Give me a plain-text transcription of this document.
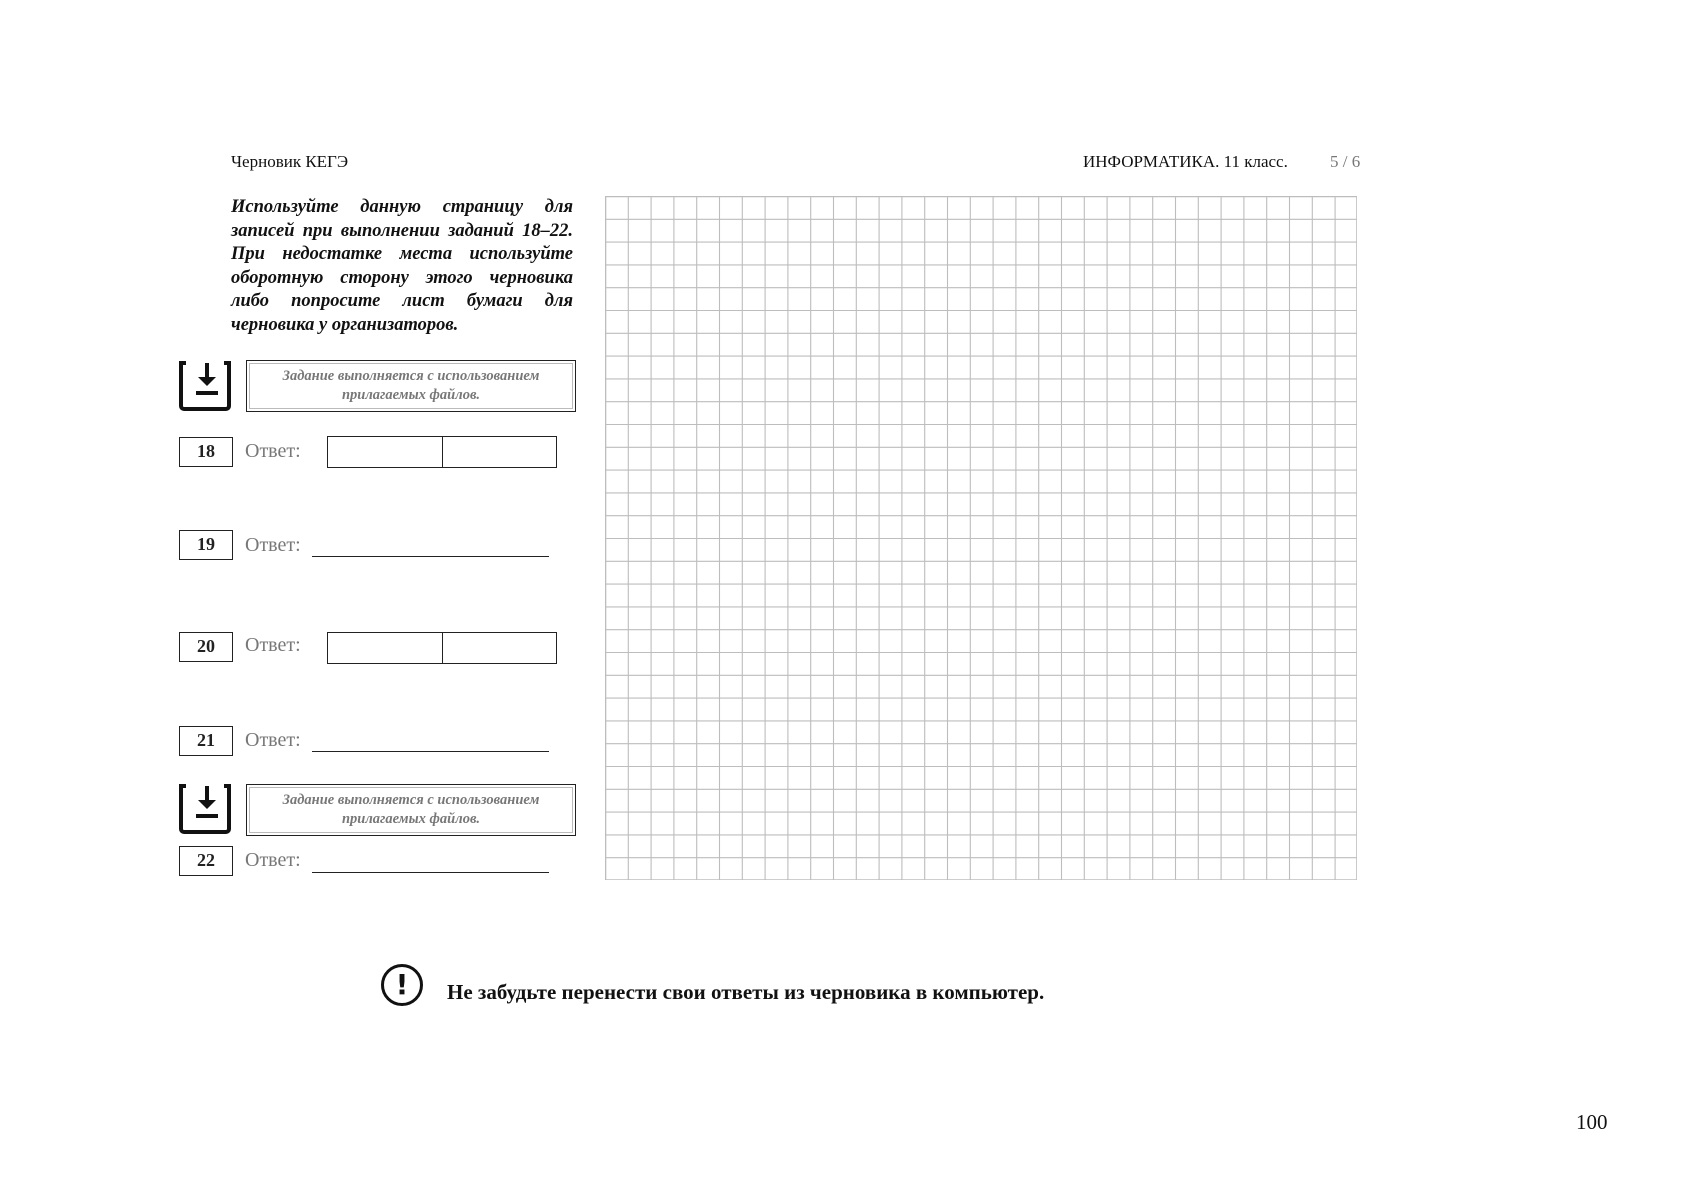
Черновик КЕГЭ	ИНФОРМАТИКА. 11 класс. 5 / 6
Используйте данную страницу для записей при выполнении заданий 18–22. При недостатке места используйте оборотную сторону этого черновика либо попросите лист бумаги для черновика у организаторов.
Задание выполняется с использованием
прилагаемых файлов.
18	Ответ:
19	Ответ:
20	Ответ:
21	Ответ:
Задание выполняется с использованием
прилагаемых файлов.
22	Ответ:
!	Не забудьте перенести свои ответы из черновика в компьютер.
100
